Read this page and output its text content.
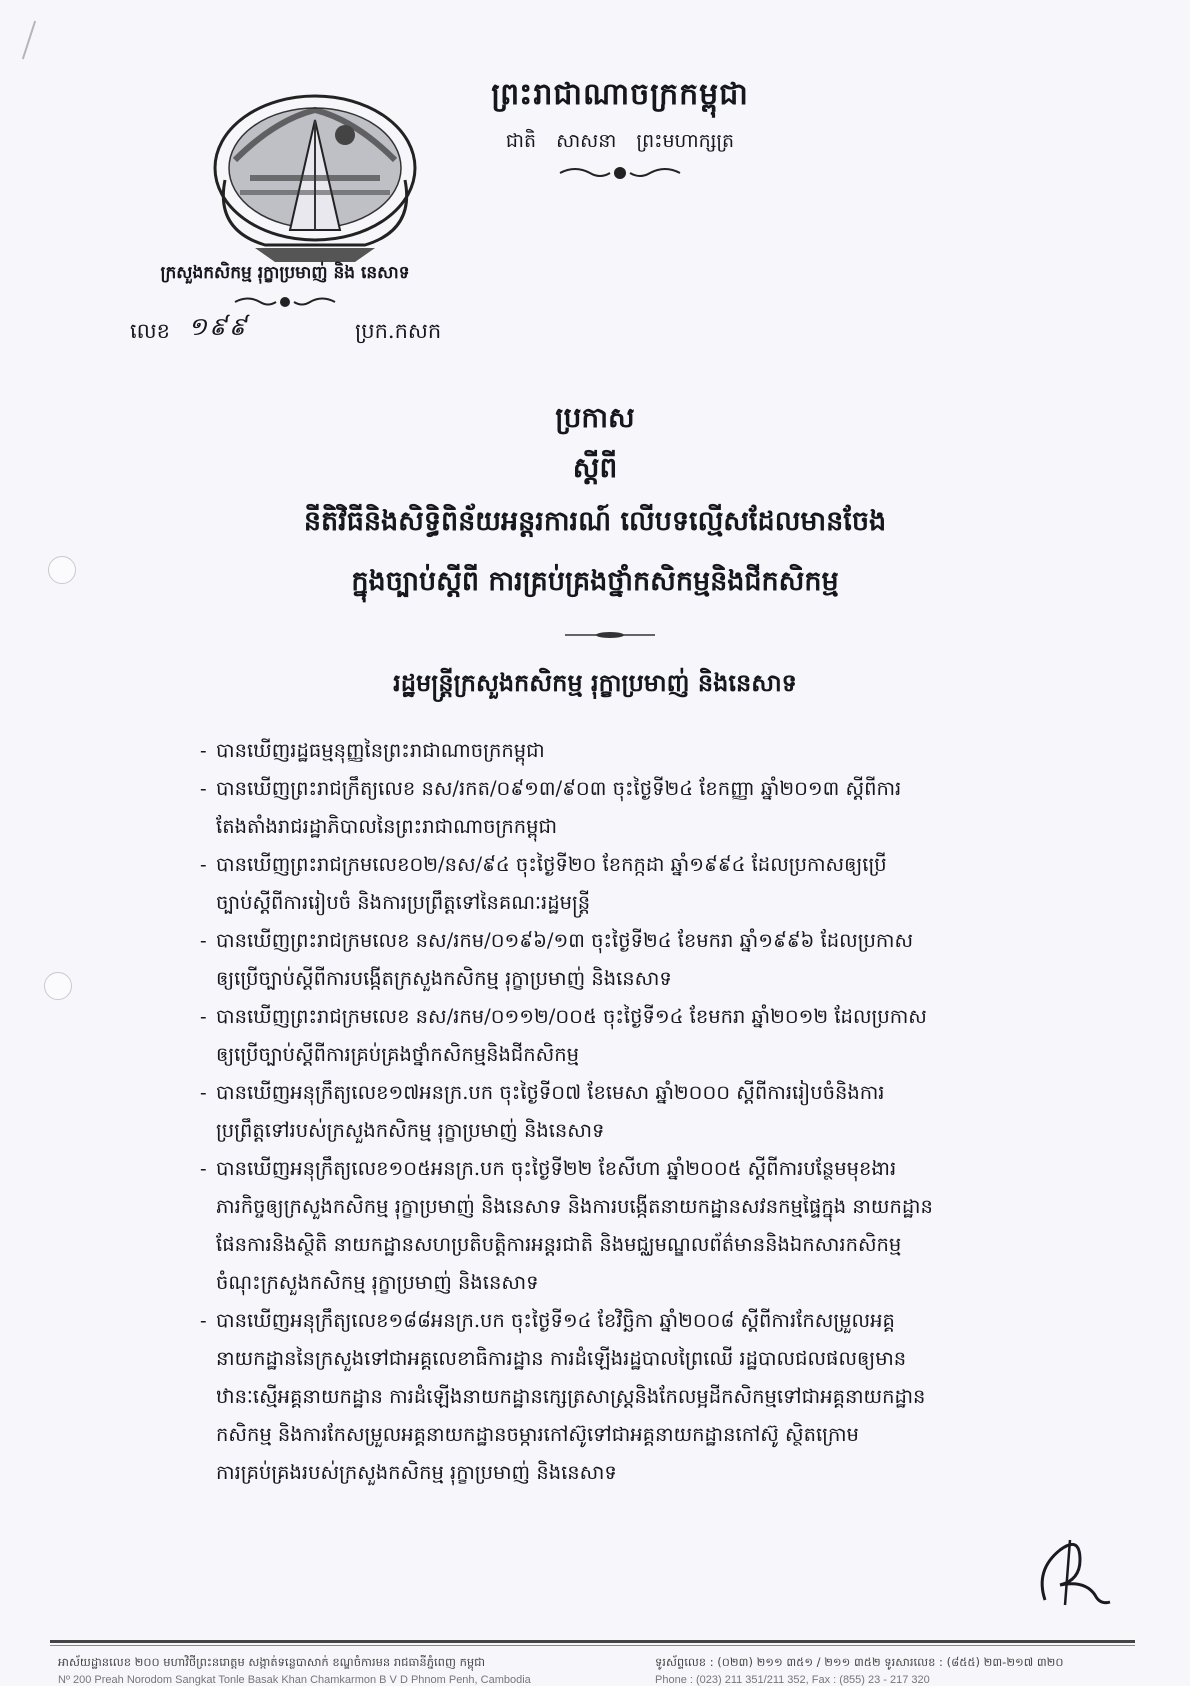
ព្រះរាជាណាចក្រកម្ពុជា
ជាតិ សាសនា ព្រះមហាក្សត្រ
ក្រសួងកសិកម្ម រុក្ខាប្រមាញ់ និង នេសាទ
លេខ ១៩៩	ប្រក.កសក
ប្រកាស
ស្តីពី
នីតិវិធីនិងសិទ្ធិពិន័យអន្តរការណ៍ លើបទល្មើសដែលមានចែង
ក្នុងច្បាប់ស្តីពី ការគ្រប់គ្រងថ្នាំកសិកម្មនិងជីកសិកម្ម
រដ្ឋមន្ត្រីក្រសួងកសិកម្ម រុក្ខាប្រមាញ់ និងនេសាទ
- បានឃើញរដ្ឋធម្មនុញ្ញនៃព្រះរាជាណាចក្រកម្ពុជា
- បានឃើញព្រះរាជក្រឹត្យលេខ នស/រកត/០៩១៣/៩០៣ ចុះថ្ងៃទី២៤ ខែកញ្ញា ឆ្នាំ២០១៣ ស្តីពីការ
តែងតាំងរាជរដ្ឋាភិបាលនៃព្រះរាជាណាចក្រកម្ពុជា
- បានឃើញព្រះរាជក្រមលេខ០២/នស/៩៤ ចុះថ្ងៃទី២០ ខែកក្កដា ឆ្នាំ១៩៩៤ ដែលប្រកាសឲ្យប្រើ
ច្បាប់ស្តីពីការរៀបចំ និងការប្រព្រឹត្តទៅនៃគណៈរដ្ឋមន្ត្រី
- បានឃើញព្រះរាជក្រមលេខ នស/រកម/០១៩៦/១៣ ចុះថ្ងៃទី២៤ ខែមករា ឆ្នាំ១៩៩៦ ដែលប្រកាស
ឲ្យប្រើច្បាប់ស្តីពីការបង្កើតក្រសួងកសិកម្ម រុក្ខាប្រមាញ់ និងនេសាទ
- បានឃើញព្រះរាជក្រមលេខ នស/រកម/០១១២/០០៥ ចុះថ្ងៃទី១៤ ខែមករា ឆ្នាំ២០១២ ដែលប្រកាស
ឲ្យប្រើច្បាប់ស្តីពីការគ្រប់គ្រងថ្នាំកសិកម្មនិងជីកសិកម្ម
- បានឃើញអនុក្រឹត្យលេខ១៧អនក្រ.បក ចុះថ្ងៃទី០៧ ខែមេសា ឆ្នាំ២០០០ ស្តីពីការរៀបចំនិងការ
ប្រព្រឹត្តទៅរបស់ក្រសួងកសិកម្ម រុក្ខាប្រមាញ់ និងនេសាទ
- បានឃើញអនុក្រឹត្យលេខ១០៥អនក្រ.បក ចុះថ្ងៃទី២២ ខែសីហា ឆ្នាំ២០០៥ ស្តីពីការបន្ថែមមុខងារ
ភារកិច្ចឲ្យក្រសួងកសិកម្ម រុក្ខាប្រមាញ់ និងនេសាទ និងការបង្កើតនាយកដ្ឋានសវនកម្មផ្ទៃក្នុង នាយកដ្ឋាន
ផែនការនិងស្ថិតិ នាយកដ្ឋានសហប្រតិបត្តិការអន្តរជាតិ និងមជ្ឈមណ្ឌលព័ត៌មាននិងឯកសារកសិកម្ម
ចំណុះក្រសួងកសិកម្ម រុក្ខាប្រមាញ់ និងនេសាទ
- បានឃើញអនុក្រឹត្យលេខ១៨៨អនក្រ.បក ចុះថ្ងៃទី១៤ ខែវិច្ឆិកា ឆ្នាំ២០០៨ ស្តីពីការកែសម្រួលអគ្គ
នាយកដ្ឋាននៃក្រសួងទៅជាអគ្គលេខាធិការដ្ឋាន ការដំឡើងរដ្ឋបាលព្រៃឈើ រដ្ឋបាលជលផលឲ្យមាន
ឋានៈស្មើអគ្គនាយកដ្ឋាន ការដំឡើងនាយកដ្ឋានក្សេត្រសាស្ត្រនិងកែលម្អដីកសិកម្មទៅជាអគ្គនាយកដ្ឋាន
កសិកម្ម និងការកែសម្រួលអគ្គនាយកដ្ឋានចម្ការកៅស៊ូទៅជាអគ្គនាយកដ្ឋានកៅស៊ូ ស្ថិតក្រោម
ការគ្រប់គ្រងរបស់ក្រសួងកសិកម្ម រុក្ខាប្រមាញ់ និងនេសាទ
អាស័យដ្ឋានលេខ ២០០ មហាវិថីព្រះនរោត្តម សង្កាត់ទន្លេបាសាក់ ខណ្ឌចំការមន រាជធានីភ្នំពេញ កម្ពុជា	ទូរស័ព្ទលេខ : (០២៣) ២១១ ៣៥១ / ២១១ ៣៥២ ទូរសារលេខ : (៨៥៥) ២៣-២១៧ ៣២០
Nº 200 Preah Norodom Sangkat Tonle Basak Khan Chamkarmon B V D Phnom Penh, Cambodia	Phone : (023) 211 351/211 352, Fax : (855) 23 - 217 320
